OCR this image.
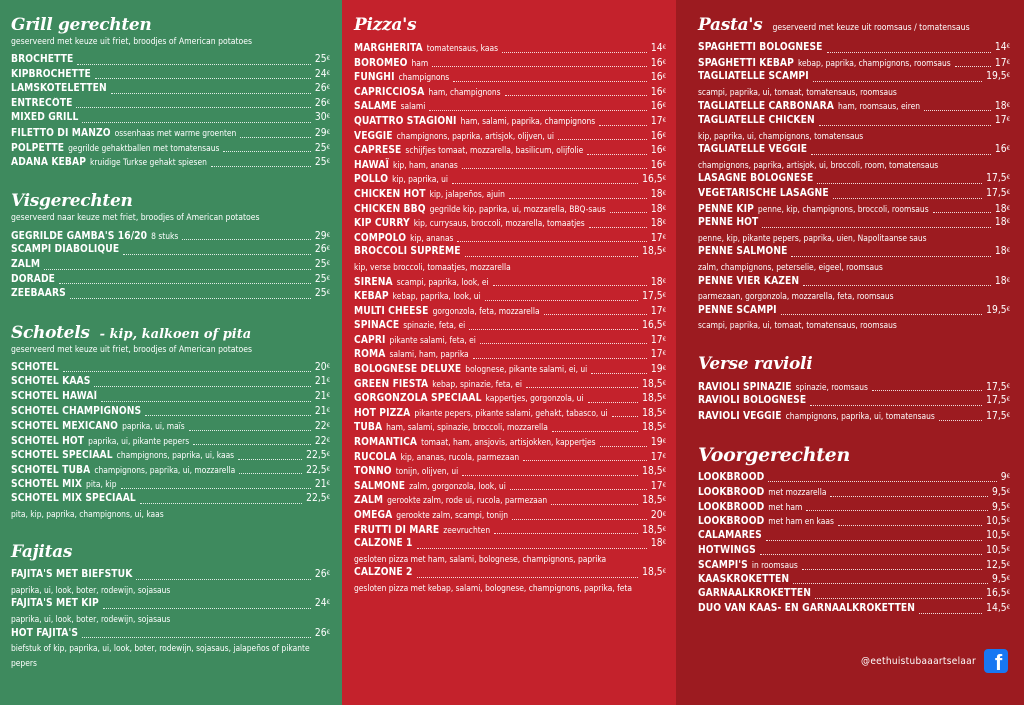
Grill gerechten
geserveerd met keuze uit friet, broodjes of American potatoes
BROCHETTE	25€
KIPBROCHETTE	24€
LAMSKOTELETTEN	26€
ENTRECÔTE	26€
MIXED GRILL	30€
FILETTO DI MANZO ossenhaas met warme groenten	29€
POLPETTE gegrilde gehaktballen met tomatensaus	25€
ADANA KEBAP kruidige Turkse gehakt spiesen	25€
Visgerechten
geserveerd naar keuze met friet, broodjes of American potatoes
GEGRILDE GAMBA'S 16/20 8 stuks	29€
SCAMPI DIABOLIQUE	26€
ZALM	25€
DORADE	25€
ZEEBAARS	25€
Schotels - kip, kalkoen of pita
geserveerd met keuze uit friet, broodjes of American potatoes
SCHOTEL	20€
SCHOTEL KAAS	21€
SCHOTEL HAWAÏ	21€
SCHOTEL CHAMPIGNONS	21€
SCHOTEL MEXICANO paprika, ui, maïs	22€
SCHOTEL HOT paprika, ui, pikante pepers	22€
SCHOTEL SPECIAAL champignons, paprika, ui, kaas	22,5€
SCHOTEL TUBA champignons, paprika, ui, mozzarella	22,5€
SCHOTEL MIX pita, kip	21€
SCHOTEL MIX SPECIAAL	22,5€
pita, kip, paprika, champignons, ui, kaas
Fajitas
FAJITA'S MET BIEFSTUK	26€
paprika, ui, look, boter, rodewijn, sojasaus
FAJITA'S MET KIP	24€
paprika, ui, look, boter, rodewijn, sojasaus
HOT FAJITA'S	26€
biefstuk of kip, paprika, ui, look, boter, rodewijn, sojasaus, jalapeños of pikante pepers
Pizza's
MARGHERITA tomatensaus, kaas	14€
BOROMEO ham	16€
FUNGHI champignons	16€
CAPRICCIOSA ham, champignons	16€
SALAME salami	16€
QUATTRO STAGIONI ham, salami, paprika, champignons	17€
VEGGIE champignons, paprika, artisjok, olijven, ui	16€
CAPRESE schijfjes tomaat, mozzarella, basilicum, olijfolie	16€
HAWAÏ kip, ham, ananas	16€
POLLO kip, paprika, ui	16,5€
CHICKEN HOT kip, jalapeños, ajuin	18€
CHICKEN BBQ gegrilde kip, paprika, ui, mozzarella, BBQ-saus	18€
KIP CURRY kip, currysaus, broccoli, mozarella, tomaatjes	18€
COMPOLO kip, ananas	17€
BROCCOLI SUPRÊME	18,5€
kip, verse broccoli, tomaatjes, mozzarella
SIRENA scampi, paprika, look, ei	18€
KEBAP kebap, paprika, look, ui	17,5€
MULTI CHEESE gorgonzola, feta, mozzarella	17€
SPINACE spinazie, feta, ei	16,5€
CAPRI pikante salami, feta, ei	17€
ROMA salami, ham, paprika	17€
BOLOGNESE DELUXE bolognese, pikante salami, ei, ui	19€
GREEN FIESTA kebap, spinazie, feta, ei	18,5€
GORGONZOLA SPECIAAL kappertjes, gorgonzola, ui	18,5€
HOT PIZZA pikante pepers, pikante salami, gehakt, tabasco, ui	18,5€
TUBA ham, salami, spinazie, broccoli, mozzarella	18,5€
ROMANTICA tomaat, ham, ansjovis, artisjokken, kappertjes	19€
RUCOLA kip, ananas, rucola, parmezaan	17€
TONNO tonijn, olijven, ui	18,5€
SALMONE zalm, gorgonzola, look, ui	17€
ZALM gerookte zalm, rode ui, rucola, parmezaan	18,5€
OMEGA gerookte zalm, scampi, tonijn	20€
FRUTTI DI MARE zeevruchten	18,5€
CALZONE 1	18€
gesloten pizza met ham, salami, bolognese, champignons, paprika
CALZONE 2	18,5€
gesloten pizza met kebap, salami, bolognese, champignons, paprika, feta
Pasta's geserveerd met keuze uit roomsaus / tomatensaus
SPAGHETTI BOLOGNESE	14€
SPAGHETTI KEBAP kebap, paprika, champignons, roomsaus	17€
TAGLIATELLE SCAMPI	19,5€
scampi, paprika, ui, tomaat, tomatensaus, roomsaus
TAGLIATELLE CARBONARA ham, roomsaus, eiren	18€
TAGLIATELLE CHICKEN	17€
kip, paprika, ui, champignons, tomatensaus
TAGLIATELLE VEGGIE	16€
champignons, paprika, artisjok, ui, broccoli, room, tomatensaus
LASAGNE BOLOGNESE	17,5€
VEGETARISCHE LASAGNE	17,5€
PENNE KIP penne, kip, champignons, broccoli, roomsaus	18€
PENNE HOT	18€
penne, kip, pikante pepers, paprika, uien, Napolitaanse saus
PENNE SALMONE	18€
zalm, champignons, peterselie, eigeel, roomsaus
PENNE VIER KAZEN	18€
parmezaan, gorgonzola, mozzarella, feta, roomsaus
PENNE SCAMPI	19,5€
scampi, paprika, ui, tomaat, tomatensaus, roomsaus
Verse ravioli
RAVIOLI SPINAZIE spinazie, roomsaus	17,5€
RAVIOLI BOLOGNESE	17,5€
RAVIOLI VEGGIE champignons, paprika, ui, tomatensaus	17,5€
Voorgerechten
LOOKBROOD	9€
LOOKBROOD met mozzarella	9,5€
LOOKBROOD met ham	9,5€
LOOKBROOD met ham en kaas	10,5€
CALAMARES	10,5€
HOTWINGS	10,5€
SCAMPI'S in roomsaus	12,5€
KAASKROKETTEN	9,5€
GARNAALKROKETTEN	16,5€
DUO VAN KAAS- EN GARNAALKROKETTEN	14,5€
@eethuistubaaartselaar f
